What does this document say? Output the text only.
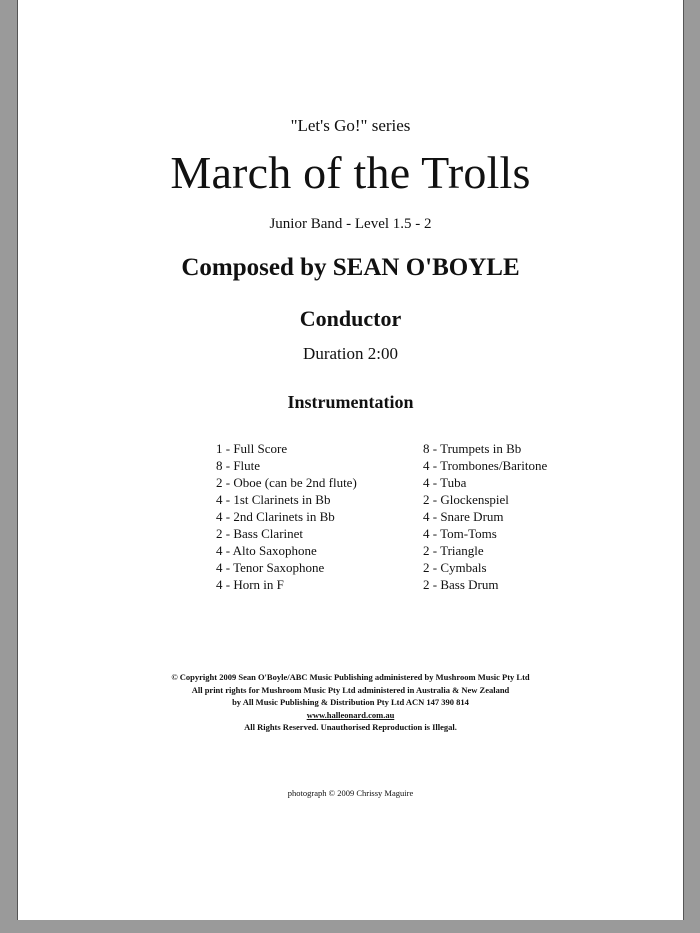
"Let's Go!" series
March of the Trolls
Junior Band - Level 1.5 - 2
Composed by SEAN O'BOYLE
Conductor
Duration 2:00
Instrumentation
1 - Full Score
8 - Flute
2 - Oboe (can be 2nd flute)
4 - 1st Clarinets in Bb
4 - 2nd Clarinets in Bb
2 - Bass Clarinet
4 - Alto Saxophone
4 - Tenor Saxophone
4 - Horn in F
8 - Trumpets in Bb
4 - Trombones/Baritone
4 - Tuba
2 - Glockenspiel
4 - Snare Drum
4 - Tom-Toms
2 - Triangle
2 - Cymbals
2 - Bass Drum
© Copyright 2009 Sean O'Boyle/ABC Music Publishing administered by Mushroom Music Pty Ltd
All print rights for Mushroom Music Pty Ltd administered in Australia & New Zealand
by All Music Publishing & Distribution Pty Ltd ACN 147 390 814
www.halleonard.com.au
All Rights Reserved. Unauthorised Reproduction is Illegal.
photograph © 2009 Chrissy Maguire
